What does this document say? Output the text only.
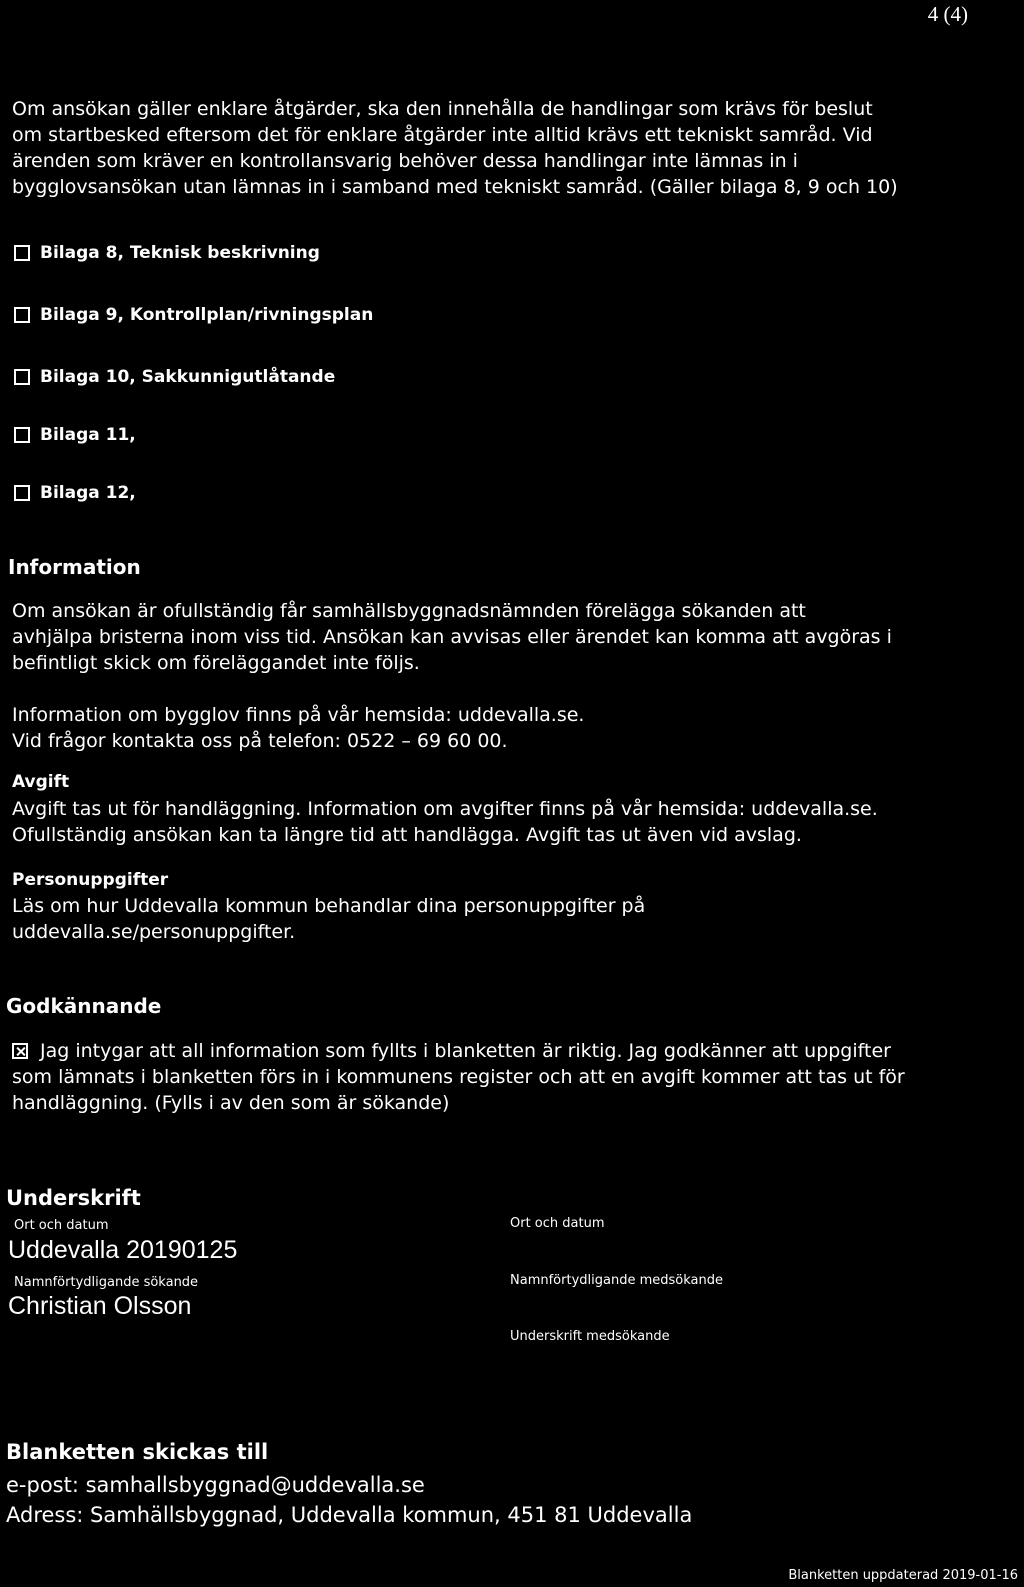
4 (4)
Om ansökan gäller enklare åtgärder, ska den innehålla de handlingar som krävs för beslut
om startbesked eftersom det för enklare åtgärder inte alltid krävs ett tekniskt samråd. Vid
ärenden som kräver en kontrollansvarig behöver dessa handlingar inte lämnas in i
bygglovsansökan utan lämnas in i samband med tekniskt samråd. (Gäller bilaga 8, 9 och 10)
Bilaga 8, Teknisk beskrivning
Bilaga 9, Kontrollplan/rivningsplan
Bilaga 10, Sakkunnigutlåtande
Bilaga 11,
Bilaga 12,
Information
Om ansökan är ofullständig får samhällsbyggnadsnämnden förelägga sökanden att
avhjälpa bristerna inom viss tid. Ansökan kan avvisas eller ärendet kan komma att avgöras i
befintligt skick om föreläggandet inte följs.
Information om bygglov finns på vår hemsida: uddevalla.se.
Vid frågor kontakta oss på telefon: 0522 – 69 60 00.
Avgift
Avgift tas ut för handläggning. Information om avgifter finns på vår hemsida: uddevalla.se.
Ofullständig ansökan kan ta längre tid att handlägga. Avgift tas ut även vid avslag.
Personuppgifter
Läs om hur Uddevalla kommun behandlar dina personuppgifter på
uddevalla.se/personuppgifter.
Godkännande
Jag intygar att all information som fyllts i blanketten är riktig. Jag godkänner att uppgifter
som lämnats i blanketten förs in i kommunens register och att en avgift kommer att tas ut för
handläggning. (Fylls i av den som är sökande)
Underskrift
Ort och datum
Uddevalla 20190125
Namnförtydligande sökande
Christian Olsson
Ort och datum
Namnförtydligande medsökande
Underskrift medsökande
Blanketten skickas till
e-post: samhallsbyggnad@uddevalla.se
Adress: Samhällsbyggnad, Uddevalla kommun, 451 81 Uddevalla
Blanketten uppdaterad 2019-01-16
